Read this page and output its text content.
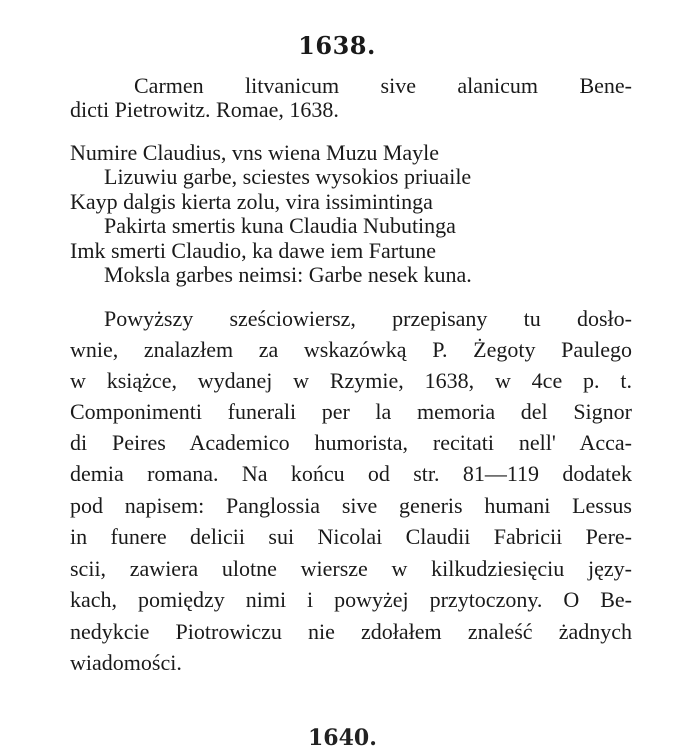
1638.
Carmen litvanicum sive alanicum Bene-
dicti Pietrowitz. Romae, 1638.
Numire Claudius, vns wiena Muzu Mayle
Lizuwiu garbe, sciestes wysokios priuaile
Kayp dalgis kierta zolu, vira issimintinga
Pakirta smertis kuna Claudia Nubutinga
Imk smerti Claudio, ka dawe iem Fartune
Moksla garbes neimsi: Garbe nesek kuna.
Powyższy sześciowiersz, przepisany tu dosło-
wnie, znalazłem za wskazówką P. Żegoty Paulego
w książce, wydanej w Rzymie, 1638, w 4ce p. t.
Componimenti funerali per la memoria del Signor
di Peires Academico humorista, recitati nell' Acca-
demia romana. Na końcu od str. 81—119 dodatek
pod napisem: Panglossia sive generis humani Lessus
in funere delicii sui Nicolai Claudii Fabricii Pere-
scii, zawiera ulotne wiersze w kilkudziesięciu języ-
kach, pomiędzy nimi i powyżej przytoczony. O Be-
nedykcie Piotrowiczu nie zdołałem znaleść żadnych
wiadomości.
1640.
